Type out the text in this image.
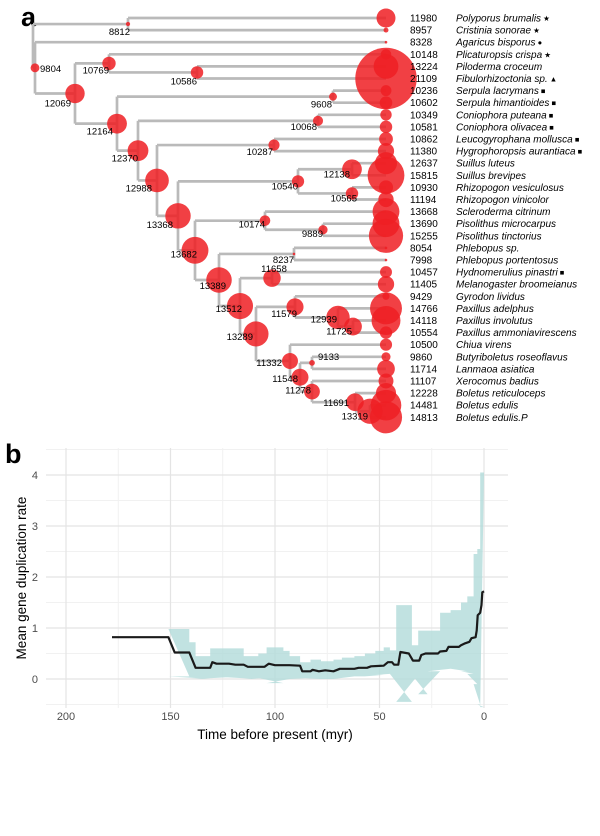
a
b
8812
9804
12069
10769
10586
12164
9608
12370
10068
12988
10287
13368
10540
12138
10565
13682
10174
9889
13389
8237
13512
11658
13289
11579
12939
11725
11332
11548
9133
11278
11691
13319
11980 Polyporus brumalis ★
8957 Cristinia sonorae ★
8328 Agaricus bisporus ●
10148 Plicaturopsis crispa ★
13224 Piloderma croceum
21109 Fibulorhizoctonia sp. ▲
10236 Serpula lacrymans ■
10602 Serpula himantioides ■
10349 Coniophora puteana ■
10581 Coniophora olivacea ■
10862 Leucogyrophana mollusca ■
11380 Hygrophoropsis aurantiaca ■
12637 Suillus luteus
15815 Suillus brevipes
10930 Rhizopogon vesiculosus
11194 Rhizopogon vinicolor
13668 Scleroderma citrinum
13690 Pisolithus microcarpus
15255 Pisolithus tinctorius
8054 Phlebopus sp.
7998 Phlebopus portentosus
10457 Hydnomerulius pinastri ■
11405 Melanogaster broomeianus
9429 Gyrodon lividus
14766 Paxillus adelphus
14118 Paxillus involutus
10554 Paxillus ammoniavirescens
10500 Chiua virens
9860 Butyriboletus roseoflavus
11714 Lanmaoa asiatica
11107 Xerocomus badius
12228 Boletus reticuloceps
14481 Boletus edulis
14813 Boletus edulis.P
0
1
2
3
4
200	150	100	50	0
Time before present (myr)
Mean gene duplication rate
